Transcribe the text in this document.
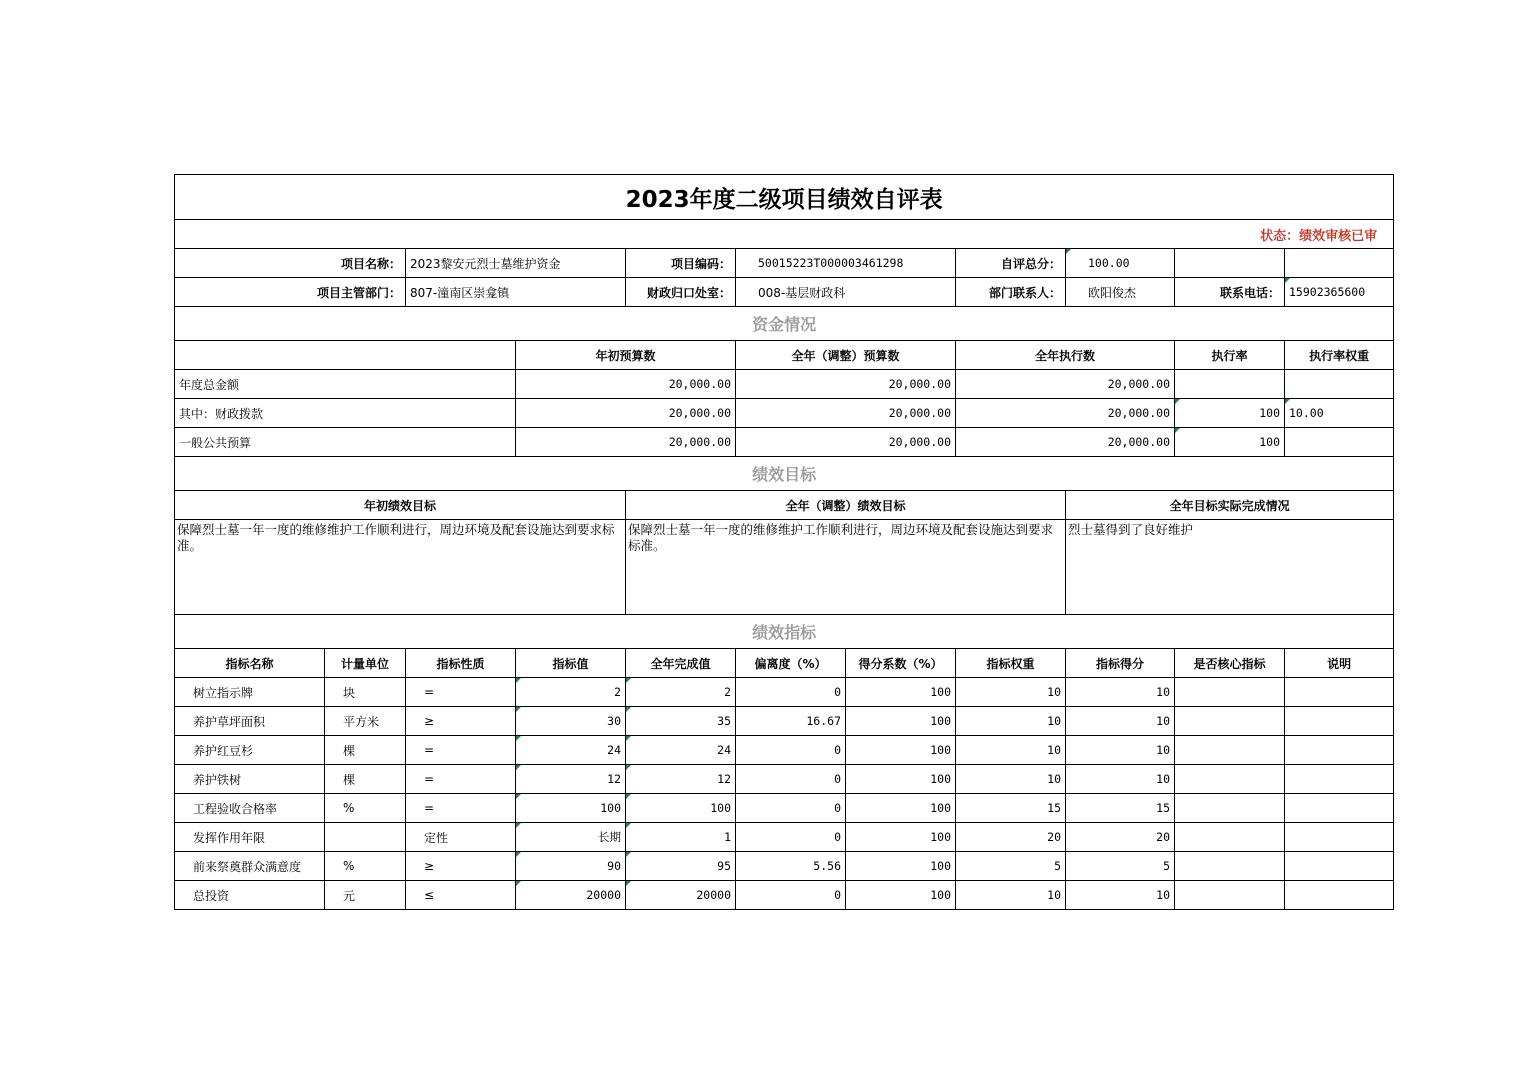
2023年度二级项目绩效自评表											
状态：绩效审核已审											
项目名称：		2023黎安元烈士墓维护资金		项目编码：	50015223T000003461298		自评总分：	100.00			
项目主管部门：		807-潼南区崇龛镇		财政归口处室：	008-基层财政科		部门联系人：	欧阳俊杰	联系电话：	15902365600	
资金情况											
			年初预算数		全年（调整）预算数		全年执行数		执行率	执行率权重	
年度总金额			20,000.00		20,000.00		20,000.00				
其中：财政拨款			20,000.00		20,000.00		20,000.00		100	10.00	
一般公共预算			20,000.00		20,000.00		20,000.00		100		
绩效目标											
年初绩效目标				全年（调整）绩效目标				全年目标实际完成情况			
保障烈士墓一年一度的维修维护工作顺利进行，周边环境及配套设施达到要求标准。				保障烈士墓一年一度的维修维护工作顺利进行，周边环境及配套设施达到要求标准。				烈士墓得到了良好维护			
绩效指标											
指标名称	计量单位	指标性质	指标值	全年完成值	偏离度（%）	得分系数（%）	指标权重	指标得分	是否核心指标	说明	
树立指示牌	块	=	2	2	0	100	10	10			
养护草坪面积	平方米	≥	30	35	16.67	100	10	10			
养护红豆杉	棵	=	24	24	0	100	10	10			
养护铁树	棵	=	12	12	0	100	10	10			
工程验收合格率	%	=	100	100	0	100	15	15			
发挥作用年限		定性	长期	1	0	100	20	20			
前来祭奠群众满意度	%	≥	90	95	5.56	100	5	5			
总投资	元	≤	20000	20000	0	100	10	10			
